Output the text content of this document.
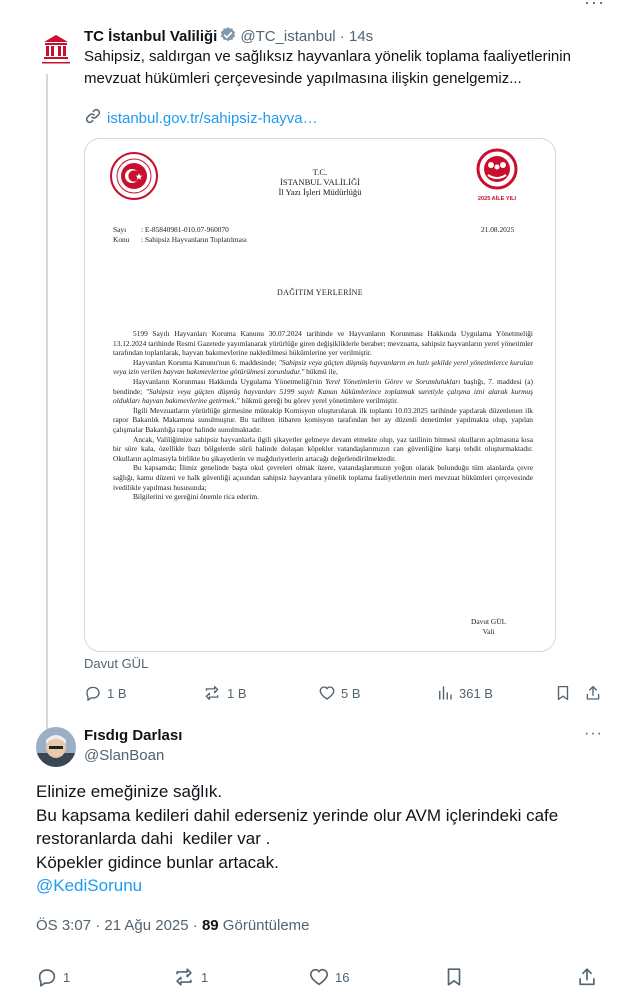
···
TC İstanbul Valiliği @TC_istanbul · 14s
Sahipsiz, saldırgan ve sağlıksız hayvanlara yönelik toplama faaliyetlerinin
mevzuat hükümleri çerçevesinde yapılmasına ilişkin genelgemiz...
istanbul.gov.tr/sahipsiz-hayva…
2025 AİLE YILI
T.C.
İSTANBUL VALİLİĞİ
İl Yazı İşleri Müdürlüğü
Sayı : E-85840981-010.07-960070
Konu : Sahipsiz Hayvanların Toplatılması
21.08.2025
DAĞITIM YERLERİNE

5199 Sayılı Hayvanları Koruma Kanunu 30.07.2024 tarihinde ve Hayvanların Korunması Hakkında Uygulama Yönetmeliği 13.12.2024 tarihinde Resmi Gazetede yayımlanarak yürürlüğe giren değişikliklerle beraber; mevzuatta, sahipsiz hayvanların yerel yönetimler tarafından toplatılarak, hayvan bakımevlerine nakledilmesi hükümlerine yer verilmiştir.

Hayvanları Koruma Kanunu'nun 6. maddesinde; "Sahipsiz veya güçten düşmüş hayvanların en hızlı şekilde yerel yönetimlerce kurulan veya izin verilen hayvan bakımevlerine götürülmesi zorunludur." hükmü ile,

Hayvanların Korunması Hakkında Uygulama Yönetmeliği'nin Yerel Yönetimlerin Görev ve Sorumlulukları başlığı, 7. maddesi (a) bendinde; "Sahipsiz veya güçten düşmüş hayvanları 5199 sayılı Kanun hükümlerince toplatmak suretiyle çalışma izni alarak kurmuş oldukları hayvan bakımevlerine getirmek." hükmü gereği bu görev yerel yönetimlere verilmiştir.

İlgili Mevzuatların yürürlüğe girmesine müteakip Komisyon oluşturularak ilk toplantı 10.03.2025 tarihinde yapılarak düzenlenen ilk rapor Bakanlık Makamına sunulmuştur. Bu tarihten itibaren komisyon tarafından her ay düzenli denetimler yapılmakta olup, yapılan çalışmalar Bakanlığa rapor halinde sunulmaktadır.

Ancak, Valiliğimize sahipsiz hayvanlarla ilgili şikayetler gelmeye devam etmekte olup, yaz tatilinin bitmesi okulların açılmasına kısa bir süre kala, özellikle bazı bölgelerde sürü halinde dolaşan köpekler vatandaşlarımızın can güvenliğine karşı tehdit oluşturmaktadır. Okulların açılmasıyla birlikte bu şikayetlerin ve mağduriyetlerin artacağı değerlendirilmektedir.

Bu kapsamda; İlimiz genelinde başta okul çevreleri olmak üzere, vatandaşlarımızın yoğun olarak bulunduğu tüm alanlarda çevre sağlığı, kamu düzeni ve halk güvenliği açısından sahipsiz hayvanlara yönelik toplama faaliyetlerinin meri mevzuat hükümleri çerçevesinde ivedilikle yapılması hususunda;

Bilgilerini ve gereğini önemle rica ederim.

Davut GÜL
Vali
Davut GÜL
1 B	1 B	5 B	361 B
Fısdıg Darlası
@SlanBoan
···
Elinize emeğinize sağlık.
Bu kapsama kedileri dahil ederseniz yerinde olur AVM içlerindeki cafe
restoranlarda dahi  kediler var .
Köpekler gidince bunlar artacak.
@KediSorunu
ÖS 3:07 · 21 Ağu 2025 · 89 Görüntüleme
1	1	16
